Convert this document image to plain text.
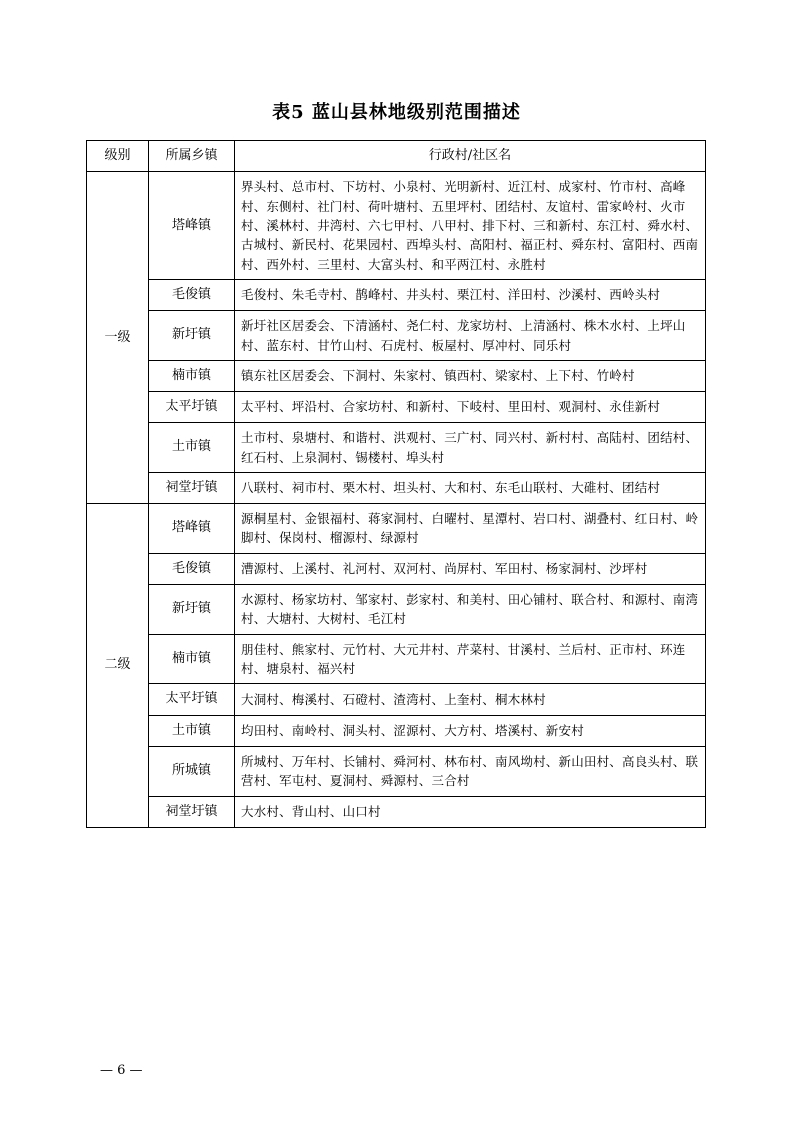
表5 蓝山县林地级别范围描述
级别	所属乡镇	行政村/社区名
一级	塔峰镇	界头村、总市村、下坊村、小泉村、光明新村、近江村、成家村、竹市村、高峰村、东侧村、社门村、荷叶塘村、五里坪村、团结村、友谊村、雷家岭村、火市村、溪林村、井湾村、六七甲村、八甲村、排下村、三和新村、东江村、舜水村、古城村、新民村、花果园村、西埠头村、高阳村、福正村、舜东村、富阳村、西南村、西外村、三里村、大富头村、和平两江村、永胜村
	毛俊镇	毛俊村、朱毛寺村、鹊峰村、井头村、栗江村、洋田村、沙溪村、西岭头村
	新圩镇	新圩社区居委会、下清涵村、尧仁村、龙家坊村、上清涵村、株木水村、上坪山村、蓝东村、甘竹山村、石虎村、板屋村、厚冲村、同乐村
	楠市镇	镇东社区居委会、下洞村、朱家村、镇西村、梁家村、上下村、竹岭村
	太平圩镇	太平村、坪沿村、合家坊村、和新村、下岐村、里田村、观洞村、永佳新村
	土市镇	土市村、泉塘村、和谐村、洪观村、三广村、同兴村、新村村、高陆村、团结村、红石村、上泉洞村、锡楼村、埠头村
	祠堂圩镇	八联村、祠市村、栗木村、坦头村、大和村、东毛山联村、大碓村、团结村
二级	塔峰镇	源桐星村、金银福村、蒋家洞村、白曜村、星潭村、岩口村、湖叠村、红日村、岭脚村、保岗村、榴源村、绿源村
	毛俊镇	漕源村、上溪村、礼河村、双河村、尚屏村、军田村、杨家洞村、沙坪村
	新圩镇	水源村、杨家坊村、邹家村、彭家村、和美村、田心铺村、联合村、和源村、南湾村、大塘村、大树村、毛江村
	楠市镇	朋佳村、熊家村、元竹村、大元井村、芹菜村、甘溪村、兰后村、正市村、环连村、塘泉村、福兴村
	太平圩镇	大洞村、梅溪村、石磴村、渣湾村、上奎村、桐木林村
	土市镇	均田村、南岭村、洞头村、涩源村、大方村、塔溪村、新安村
	所城镇	所城村、万年村、长铺村、舜河村、林布村、南风坳村、新山田村、高良头村、联营村、军屯村、夏洞村、舜源村、三合村
	祠堂圩镇	大水村、背山村、山口村
— 6 —
